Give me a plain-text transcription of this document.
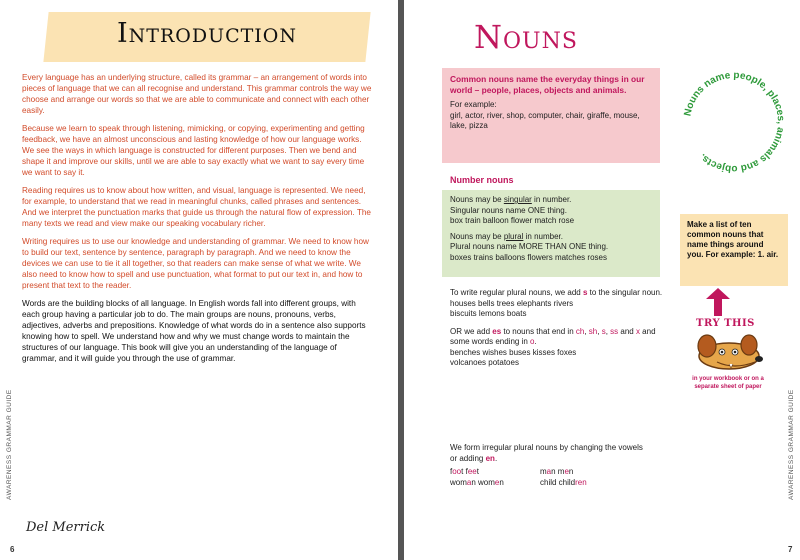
Introduction

Every language has an underlying structure, called its grammar – an arrangement of words into pieces of language that we can all recognise and understand. This grammar controls the way we choose and arrange our words so that we are able to communicate and connect with each other easily.

Because we learn to speak through listening, mimicking, or copying, experimenting and getting feedback, we have an almost unconscious and lasting knowledge of how our language works. We see the ways in which language is constructed for different purposes. Then we bend and shape it and improve our skills, until we are able to say exactly what we want to say every time we want to say it.

Reading requires us to know about how written, and visual, language is represented. We need, for example, to understand that we read in meaningful chunks, called phrases and sentences. And we interpret the punctuation marks that guide us through the natural flow of expression. The many texts we read and view make our speaking vocabulary richer.

Writing requires us to use our knowledge and understanding of grammar. We need to know how to build our text, sentence by sentence, paragraph by paragraph. And we need to know the devices we can use to tie it all together, so that readers can make sense of what we write. We also need to know how to spell and use punctuation, what format to put our text in, and how to present that text to the reader.

Words are the building blocks of all language. In English words fall into different groups, with each group having a particular job to do. The main groups are nouns, pronouns, verbs, adjectives, adverbs and prepositions. Knowledge of what words do in a sentence also supports knowing how to spell. We understand how and why we must change words to maintain the structures of our language. This book will give you an understanding of the language of grammar, and it will guide you through the use of grammar.

Del Merrick
AWARENESS GRAMMAR GUIDE
6
Nouns
Common nouns name the everyday things in our world – people, places, objects and animals.
For example:
girl, actor, river, shop, computer, chair, giraffe, mouse, lake, pizza
Nouns name people, places, animals and objects.
Number nouns
Nouns may be singular in number.
Singular nouns name ONE thing.
box train balloon flower match rose
Nouns may be plural in number.
Plural nouns name MORE THAN ONE thing.
boxes trains balloons flowers matches roses
To write regular plural nouns, we add s to the singular noun.
houses bells trees elephants rivers
biscuits lemons boats
OR we add es to nouns that end in ch, sh, s, ss and x and some words ending in o.
benches wishes buses kisses foxes
volcanoes potatoes
We form irregular plural nouns by changing the vowels or adding en.
foot feet	man men
woman women	child children
Make a list of ten common nouns that name things around you. For example: 1. air.
TRY THIS
in your workbook or on a separate sheet of paper
AWARENESS GRAMMAR GUIDE
7
